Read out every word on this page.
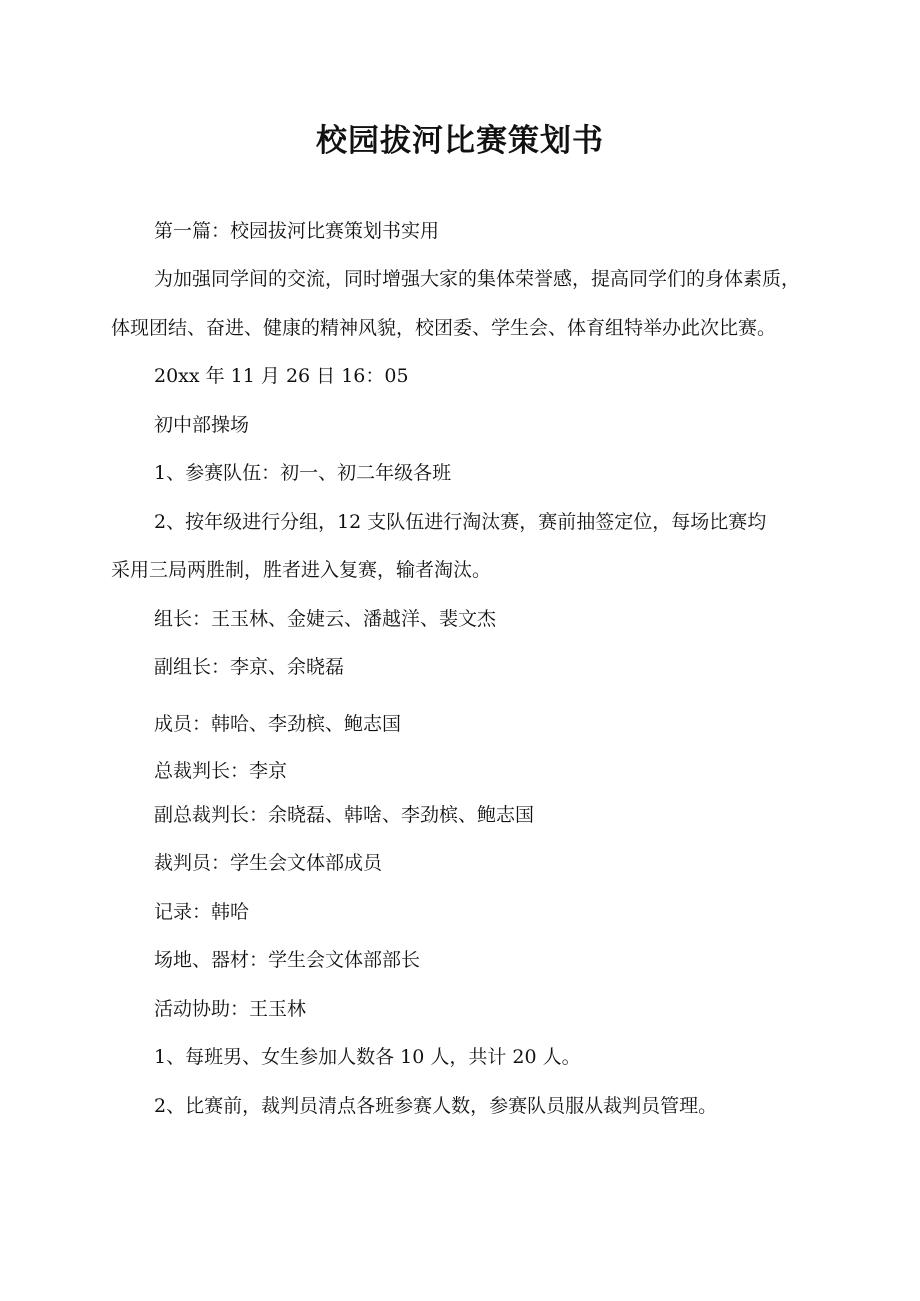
校园拔河比赛策划书

第一篇：校园拔河比赛策划书实用

为加强同学间的交流，同时增强大家的集体荣誉感，提高同学们的身体素质，

体现团结、奋进、健康的精神风貌，校团委、学生会、体育组特举办此次比赛。

20xx 年 11 月 26 日 16：05

初中部操场

1、参赛队伍：初一、初二年级各班

2、按年级进行分组，12 支队伍进行淘汰赛，赛前抽签定位，每场比赛均

采用三局两胜制，胜者进入复赛，输者淘汰。

组长：王玉林、金婕云、潘越洋、裴文杰

副组长：李京、余晓磊

成员：韩哈、李劲槟、鲍志国

总裁判长：李京

副总裁判长：余晓磊、韩啥、李劲槟、鲍志国

裁判员：学生会文体部成员

记录：韩哈

场地、器材：学生会文体部部长

活动协助：王玉林

1、每班男、女生参加人数各 10 人，共计 20 人。

2、比赛前，裁判员清点各班参赛人数，参赛队员服从裁判员管理。
